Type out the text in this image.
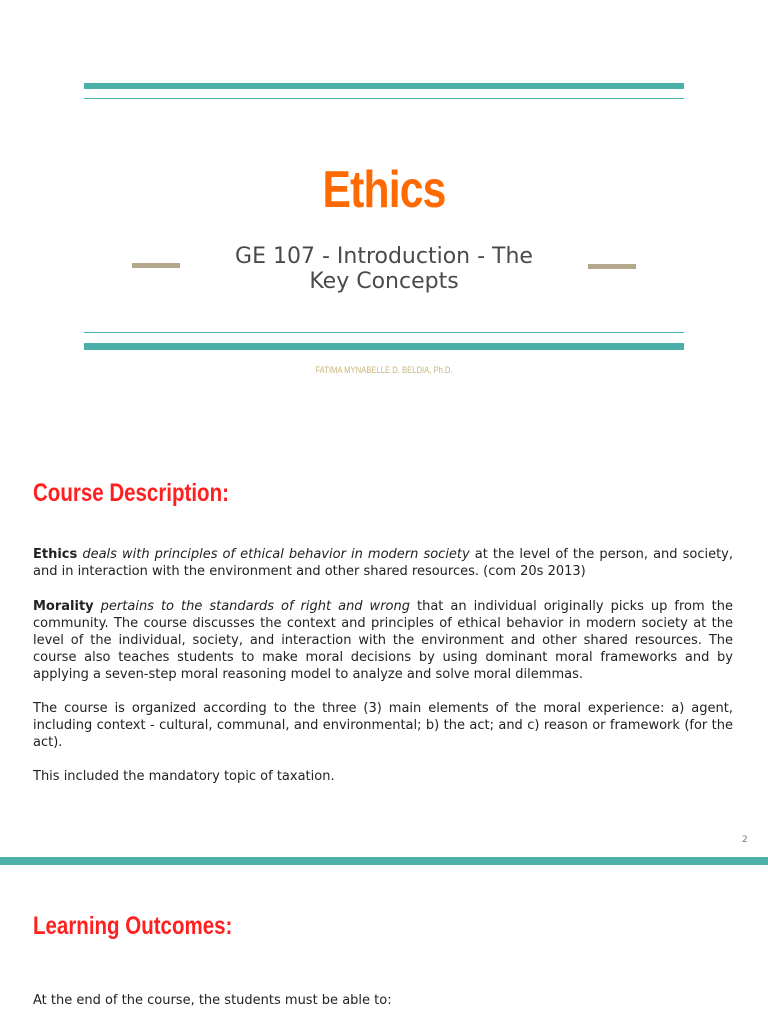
Ethics
GE 107 - Introduction - The Key Concepts
FATIMA MYNABELLE D. BELDIA, Ph.D.
Course Description:

Ethics deals with principles of ethical behavior in modern society at the level of the person, and society, and in interaction with the environment and other shared resources. (com 20s 2013)

Morality pertains to the standards of right and wrong that an individual originally picks up from the community. The course discusses the context and principles of ethical behavior in modern society at the level of the individual, society, and interaction with the environment and other shared resources. The course also teaches students to make moral decisions by using dominant moral frameworks and by applying a seven-step moral reasoning model to analyze and solve moral dilemmas.

The course is organized according to the three (3) main elements of the moral experience: a) agent, including context - cultural, communal, and environmental; b) the act; and c) reason or framework (for the act).

This included the mandatory topic of taxation.

2
Learning Outcomes:

At the end of the course, the students must be able to:
